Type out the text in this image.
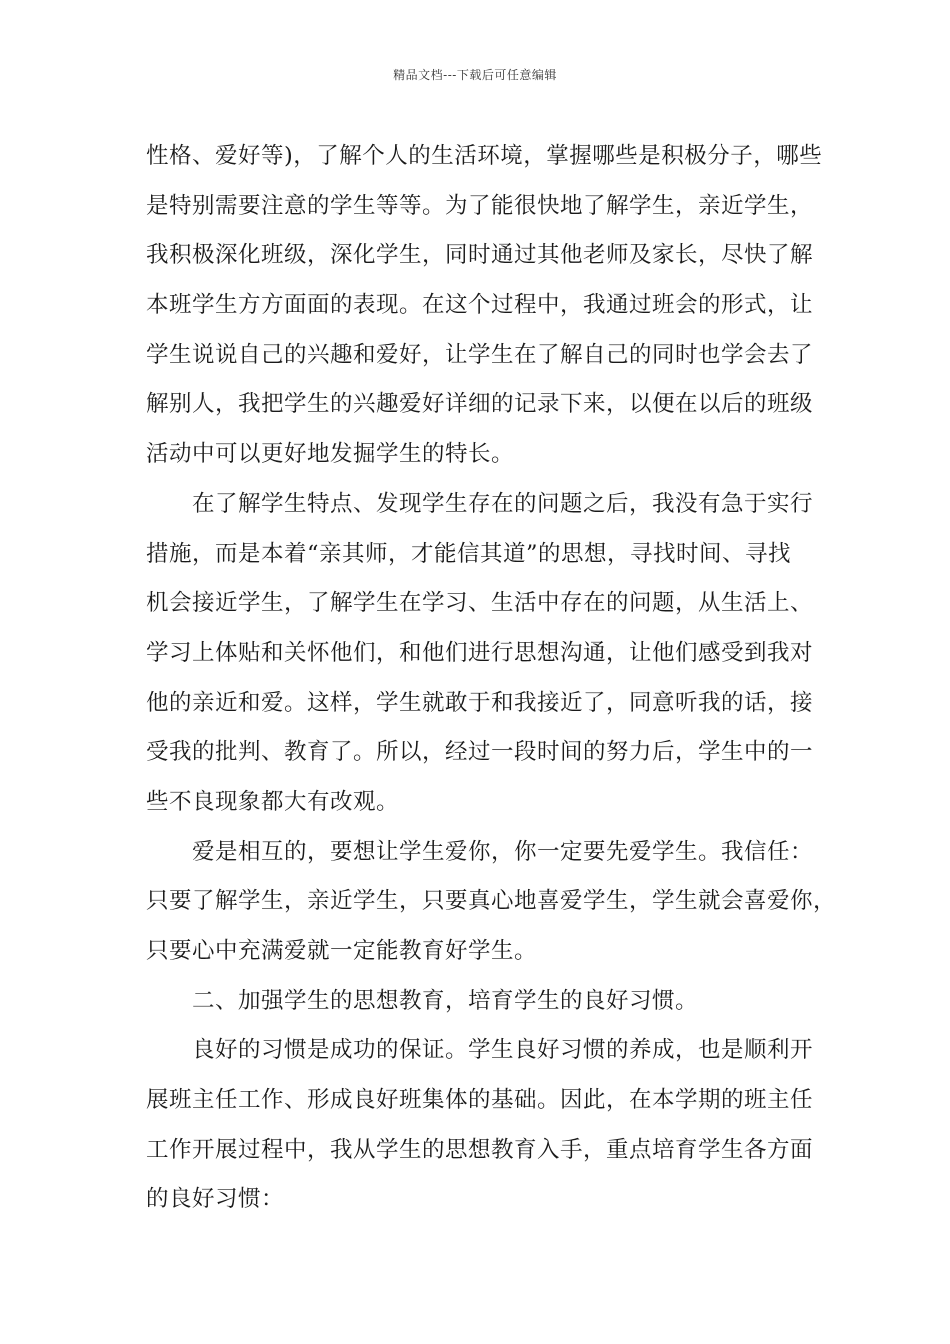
精品文档---下载后可任意编辑
性格、爱好等)，了解个人的生活环境，掌握哪些是积极分子，哪些
是特别需要注意的学生等等。为了能很快地了解学生，亲近学生，
我积极深化班级，深化学生，同时通过其他老师及家长，尽快了解
本班学生方方面面的表现。在这个过程中，我通过班会的形式，让
学生说说自己的兴趣和爱好，让学生在了解自己的同时也学会去了
解别人，我把学生的兴趣爱好详细的记录下来，以便在以后的班级
活动中可以更好地发掘学生的特长。
在了解学生特点、发现学生存在的问题之后，我没有急于实行
措施，而是本着“亲其师，才能信其道”的思想，寻找时间、寻找
机会接近学生，了解学生在学习、生活中存在的问题，从生活上、
学习上体贴和关怀他们，和他们进行思想沟通，让他们感受到我对
他的亲近和爱。这样，学生就敢于和我接近了，同意听我的话，接
受我的批判、教育了。所以，经过一段时间的努力后，学生中的一
些不良现象都大有改观。
爱是相互的，要想让学生爱你，你一定要先爱学生。我信任：
只要了解学生，亲近学生，只要真心地喜爱学生，学生就会喜爱你，
只要心中充满爱就一定能教育好学生。
二、加强学生的思想教育，培育学生的良好习惯。
良好的习惯是成功的保证。学生良好习惯的养成，也是顺利开
展班主任工作、形成良好班集体的基础。因此，在本学期的班主任
工作开展过程中，我从学生的思想教育入手，重点培育学生各方面
的良好习惯：
